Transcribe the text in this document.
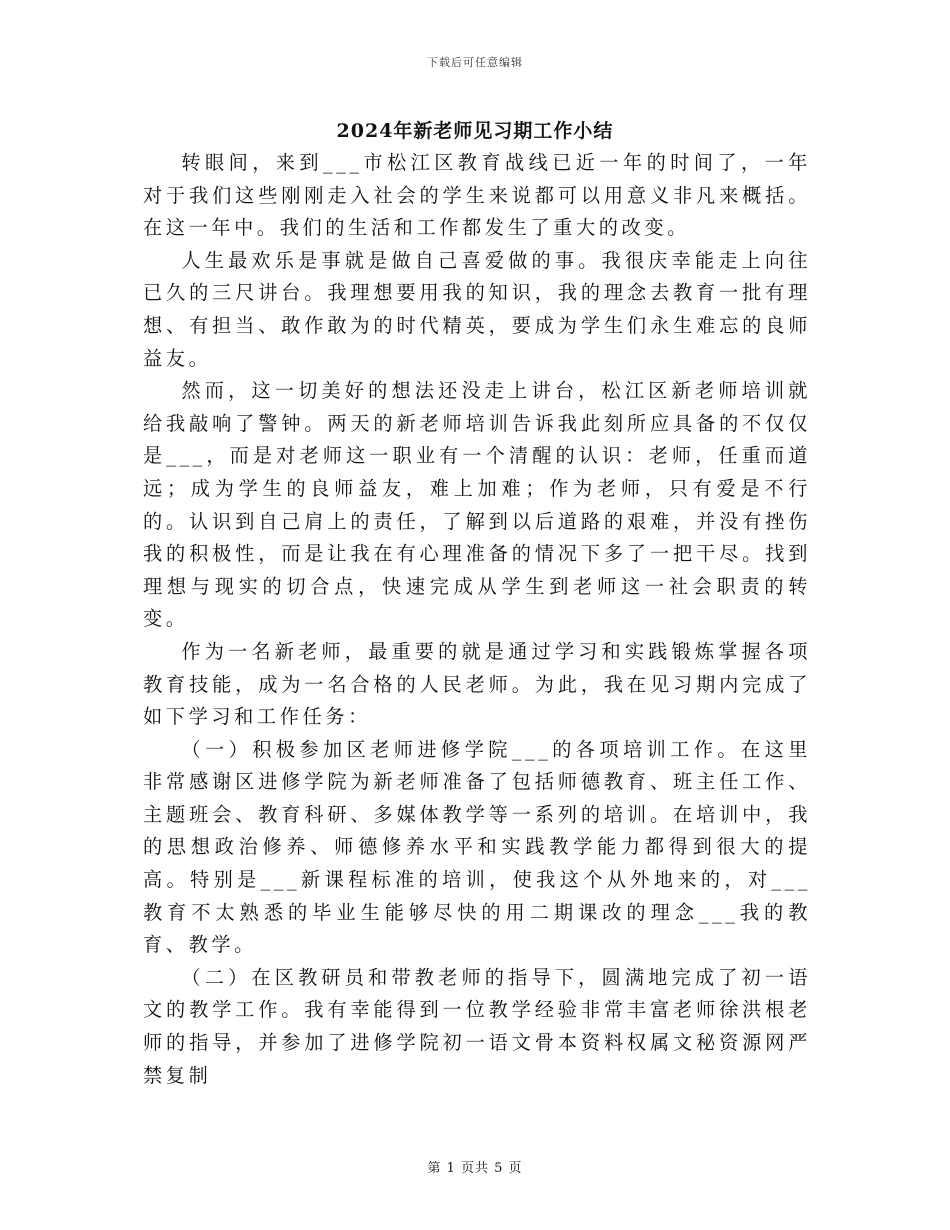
下载后可任意编辑
2024年新老师见习期工作小结

转眼间，来到___市松江区教育战线已近一年的时间了，一年对于我们这些刚刚走入社会的学生来说都可以用意义非凡来概括。在这一年中。我们的生活和工作都发生了重大的改变。

人生最欢乐是事就是做自己喜爱做的事。我很庆幸能走上向往已久的三尺讲台。我理想要用我的知识，我的理念去教育一批有理想、有担当、敢作敢为的时代精英，要成为学生们永生难忘的良师益友。

然而，这一切美好的想法还没走上讲台，松江区新老师培训就给我敲响了警钟。两天的新老师培训告诉我此刻所应具备的不仅仅是___，而是对老师这一职业有一个清醒的认识：老师，任重而道远；成为学生的良师益友，难上加难；作为老师，只有爱是不行的。认识到自己肩上的责任，了解到以后道路的艰难，并没有挫伤我的积极性，而是让我在有心理准备的情况下多了一把干尽。找到理想与现实的切合点，快速完成从学生到老师这一社会职责的转变。

作为一名新老师，最重要的就是通过学习和实践锻炼掌握各项教育技能，成为一名合格的人民老师。为此，我在见习期内完成了如下学习和工作任务：

（一）积极参加区老师进修学院___的各项培训工作。在这里非常感谢区进修学院为新老师准备了包括师德教育、班主任工作、主题班会、教育科研、多媒体教学等一系列的培训。在培训中，我的思想政治修养、师德修养水平和实践教学能力都得到很大的提高。特别是___新课程标准的培训，使我这个从外地来的，对___教育不太熟悉的毕业生能够尽快的用二期课改的理念___我的教育、教学。

（二）在区教研员和带教老师的指导下，圆满地完成了初一语文的教学工作。我有幸能得到一位教学经验非常丰富老师徐洪根老师的指导，并参加了进修学院初一语文骨本资料权属文秘资源网严禁复制

第 1 页共 5 页
